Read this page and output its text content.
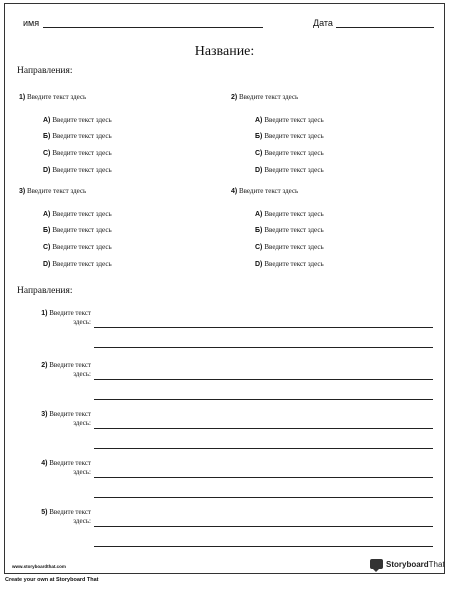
имя	Дата
Название:
Направления:
1) Введите текст здесь
A) Введите текст здесь
Б) Введите текст здесь
C) Введите текст здесь
D) Введите текст здесь
2) Введите текст здесь
A) Введите текст здесь
Б) Введите текст здесь
C) Введите текст здесь
D) Введите текст здесь
3) Введите текст здесь
A) Введите текст здесь
Б) Введите текст здесь
C) Введите текст здесь
D) Введите текст здесь
4) Введите текст здесь
A) Введите текст здесь
Б) Введите текст здесь
C) Введите текст здесь
D) Введите текст здесь
Направления:
1) Введите текст
здесь:
2) Введите текст
здесь:
3) Введите текст
здесь:
4) Введите текст
здесь:
5) Введите текст
здесь:
www.storyboardthat.com	Storyboard That
Create your own at Storyboard That
